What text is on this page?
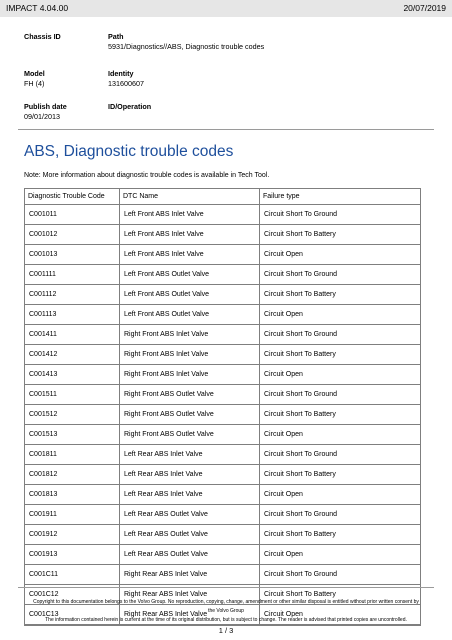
IMPACT 4.04.00	20/07/2019
Chassis ID	Path
5931/Diagnostics//ABS, Diagnostic trouble codes
Model
FH (4)
Identity
131600607
Publish date
09/01/2013
ID/Operation
ABS, Diagnostic trouble codes
Note: More information about diagnostic trouble codes is available in Tech Tool.
Diagnostic Trouble Code	DTC Name	Failure type
C001011	Left Front ABS Inlet Valve	Circuit Short To Ground
C001012	Left Front ABS Inlet Valve	Circuit Short To Battery
C001013	Left Front ABS Inlet Valve	Circuit Open
C001111	Left Front ABS Outlet Valve	Circuit Short To Ground
C001112	Left Front ABS Outlet Valve	Circuit Short To Battery
C001113	Left Front ABS Outlet Valve	Circuit Open
C001411	Right Front ABS Inlet Valve	Circuit Short To Ground
C001412	Right Front ABS Inlet Valve	Circuit Short To Battery
C001413	Right Front ABS Inlet Valve	Circuit Open
C001511	Right Front ABS Outlet Valve	Circuit Short To Ground
C001512	Right Front ABS Outlet Valve	Circuit Short To Battery
C001513	Right Front ABS Outlet Valve	Circuit Open
C001811	Left Rear ABS Inlet Valve	Circuit Short To Ground
C001812	Left Rear ABS Inlet Valve	Circuit Short To Battery
C001813	Left Rear ABS Inlet Valve	Circuit Open
C001911	Left Rear ABS Outlet Valve	Circuit Short To Ground
C001912	Left Rear ABS Outlet Valve	Circuit Short To Battery
C001913	Left Rear ABS Outlet Valve	Circuit Open
C001C11	Right Rear ABS Inlet Valve	Circuit Short To Ground
C001C12	Right Rear ABS Inlet Valve	Circuit Short To Battery
C001C13	Right Rear ABS Inlet Valve	Circuit Open

Copyright to this documentation belongs to the Volvo Group. No reproduction, copying, change, amendment or other similar disposal is entitled without prior written consent by
the Volvo Group
The information contained herein is current at the time of its original distribution, but is subject to change. The reader is advised that printed copies are uncontrolled.
1 / 3
